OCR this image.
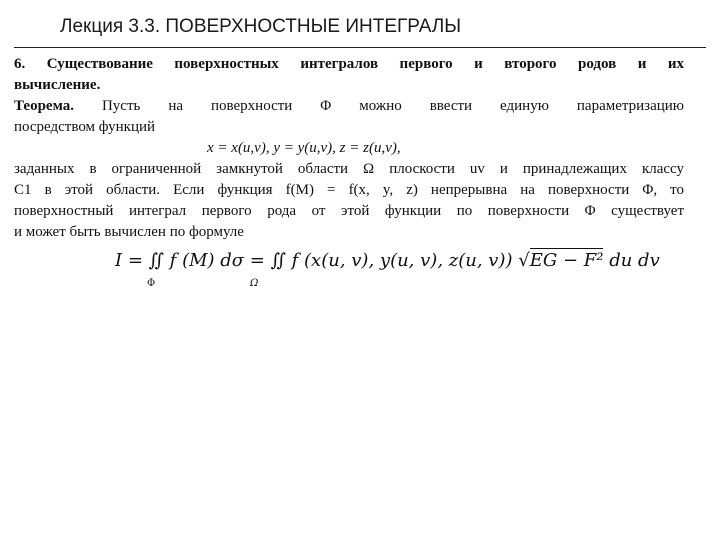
Лекция 3.3. ПОВЕРХНОСТНЫЕ ИНТЕГРАЛЫ
6. Существование поверхностных интегралов первого и второго родов и их
вычисление.
Теорема. Пусть на поверхности Φ можно ввести единую параметризацию
посредством функций
x = x(u,v), y = y(u,v), z = z(u,v),
заданных в ограниченной замкнутой области Ω плоскости uv и принадлежащих классу
C1 в этой области. Если функция f(M) = f(x, y, z) непрерывна на поверхности Φ, то
поверхностный интеграл первого рода от этой функции по поверхности Φ существует
и может быть вычислен по формуле
I = ∬ f (M) dσ = ∬ f (x(u, v), y(u, v), z(u, v)) √EG − F² du dv
Φ	Ω
